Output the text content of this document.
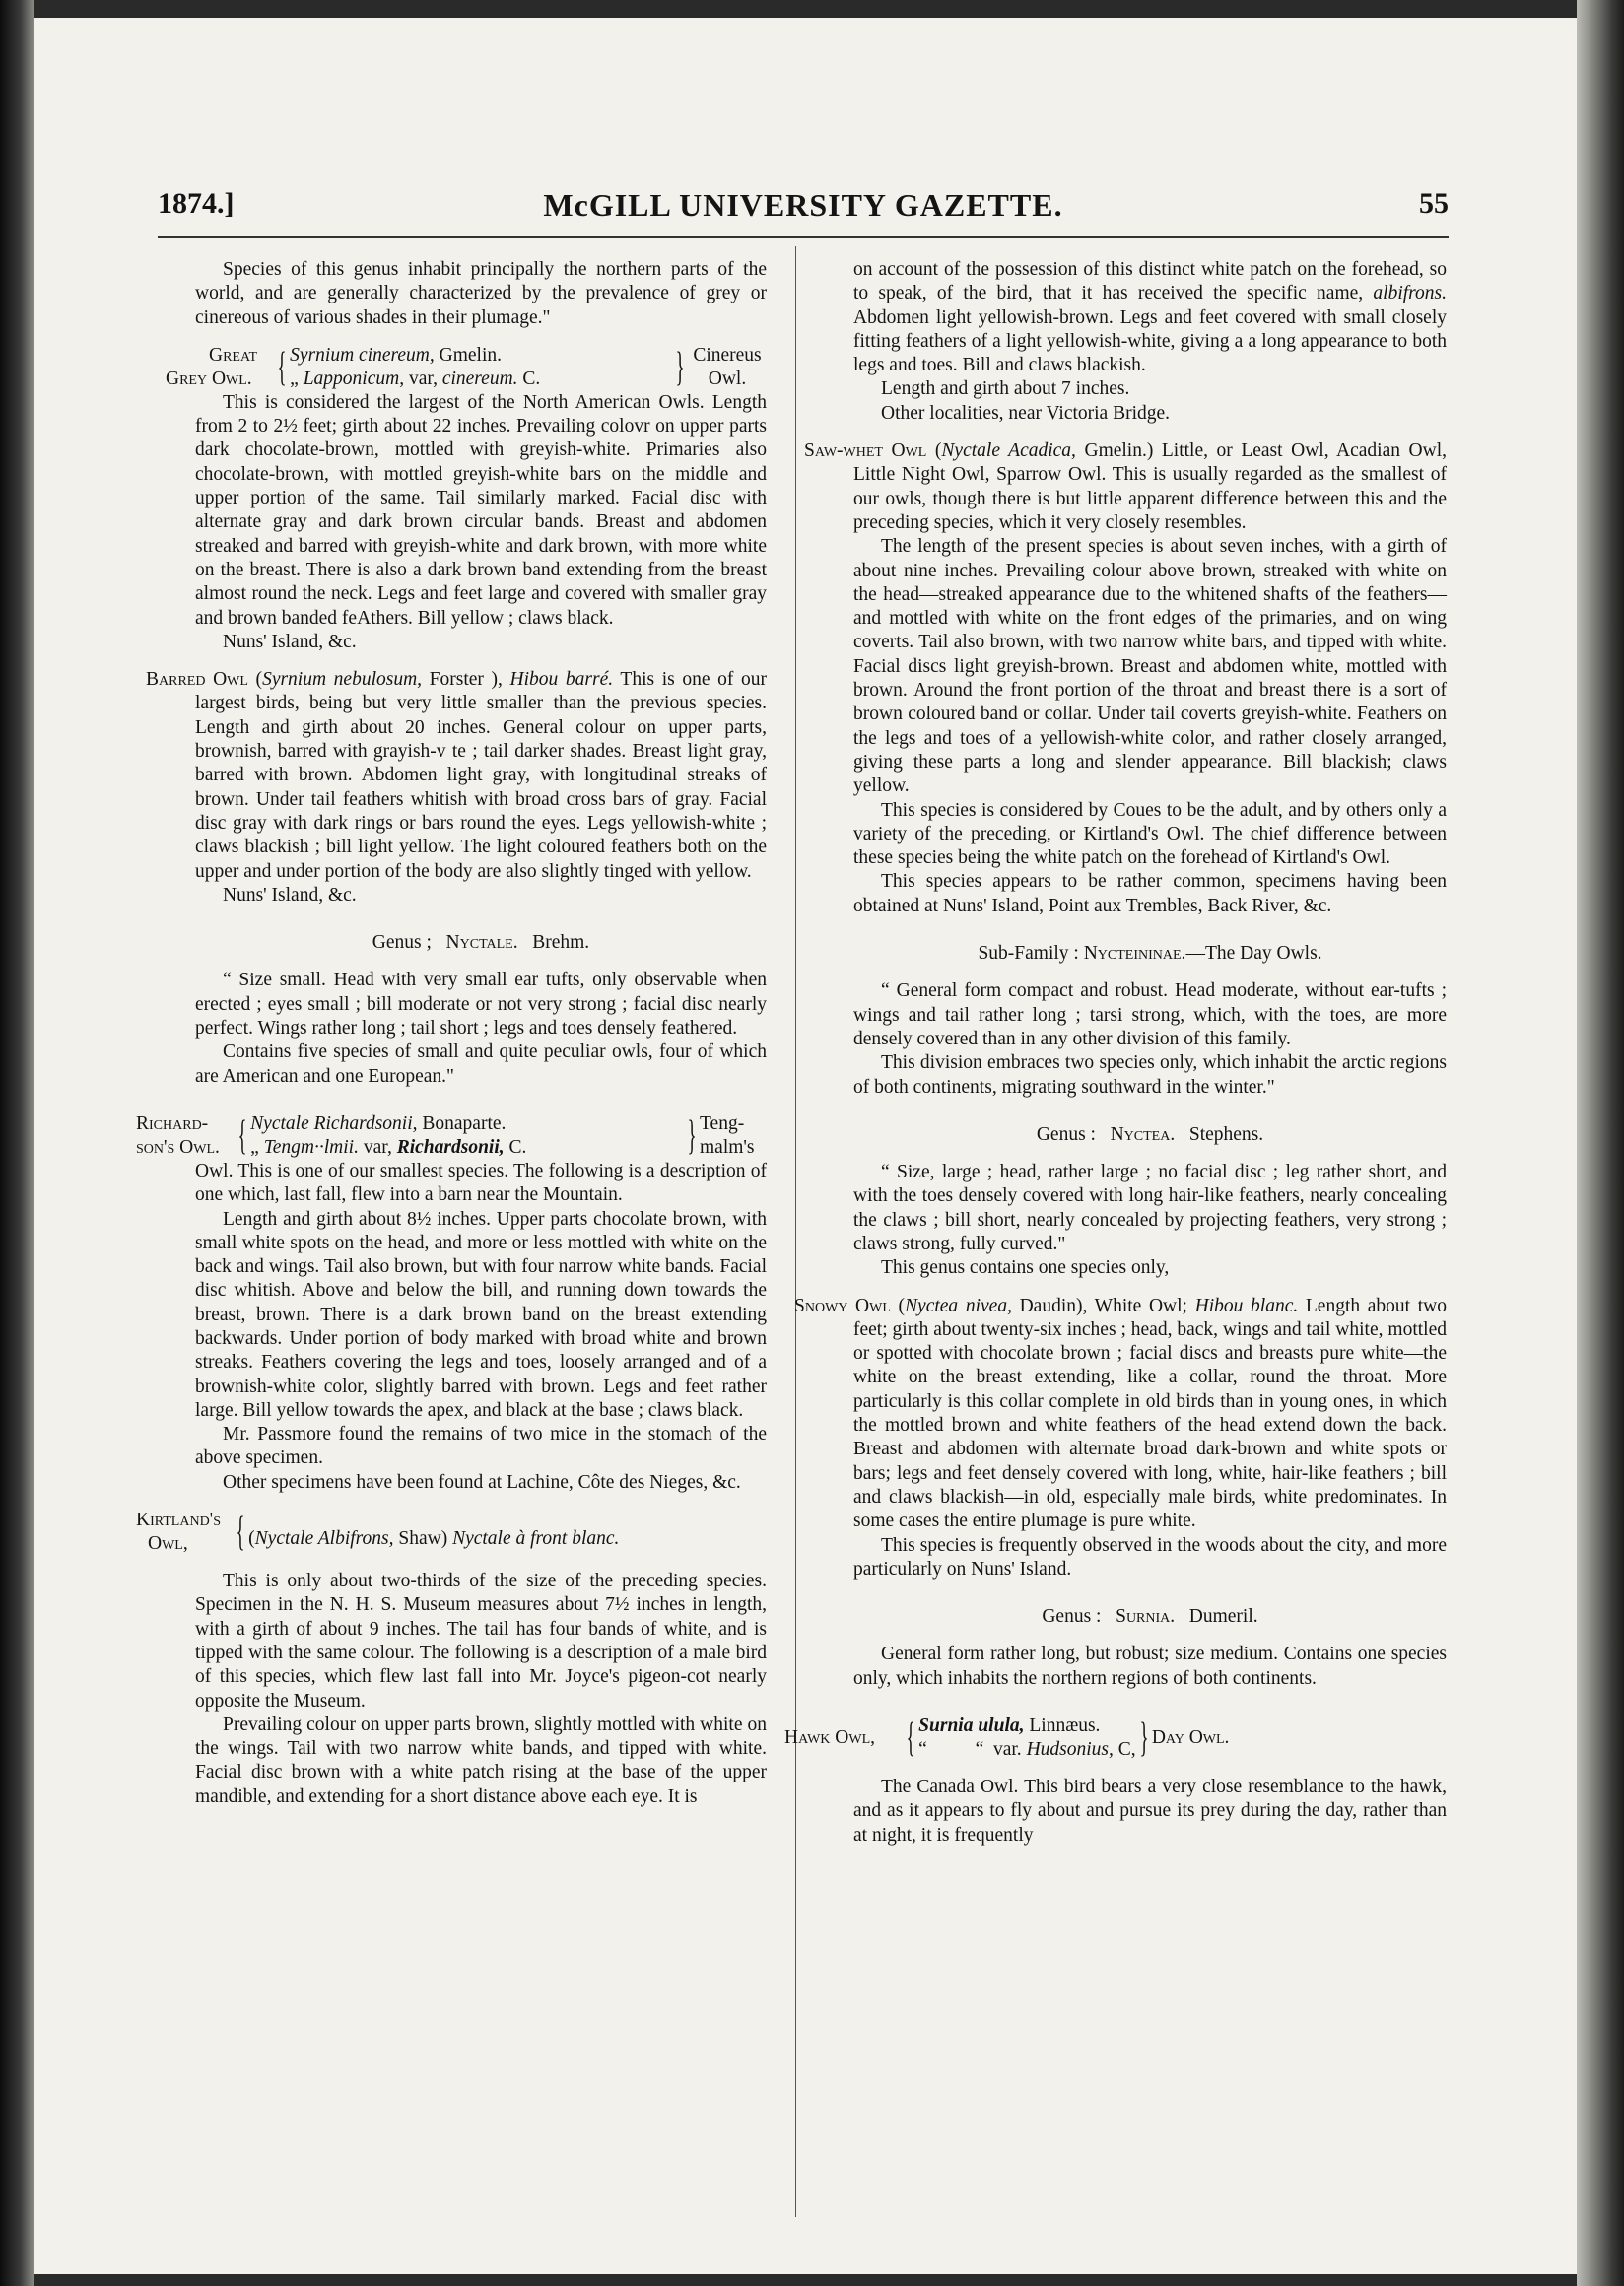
1874.]	McGILL UNIVERSITY GAZETTE.	55

Species of this genus inhabit principally the northern parts of the world, and are generally characterized by the prevalence of grey or cinereous of various shades in their plumage."

Great
Grey Owl. { Syrnium cinereum, Gmelin.
„ Lapponicum, var, cinereum. C.	} Cinereus
Owl.

This is considered the largest of the North American Owls. Length from 2 to 2½ feet; girth about 22 inches. Prevailing colovr on upper parts dark chocolate-brown, mottled with greyish-white. Primaries also chocolate-brown, with mottled greyish-white bars on the middle and upper portion of the same. Tail similarly marked. Facial disc with alternate gray and dark brown circular bands. Breast and abdomen streaked and barred with greyish-white and dark brown, with more white on the breast. There is also a dark brown band extending from the breast almost round the neck. Legs and feet large and covered with smaller gray and brown banded feAthers. Bill yellow ; claws black.

Nuns' Island, &c.

Barred Owl (Syrnium nebulosum, Forster ), Hibou barré. This is one of our largest birds, being but very little smaller than the previous species. Length and girth about 20 inches. General colour on upper parts, brownish, barred with grayish-v te ; tail darker shades. Breast light gray, barred with brown. Abdomen light gray, with longitudinal streaks of brown. Under tail feathers whitish with broad cross bars of gray. Facial disc gray with dark rings or bars round the eyes. Legs yellowish-white ; claws blackish ; bill light yellow. The light coloured feathers both on the upper and under portion of the body are also slightly tinged with yellow.

Nuns' Island, &c.

Genus ; Nyctale. Brehm.

“ Size small. Head with very small ear tufts, only observable when erected ; eyes small ; bill moderate or not very strong ; facial disc nearly perfect. Wings rather long ; tail short ; legs and toes densely feathered.

Contains five species of small and quite peculiar owls, four of which are American and one European."

Richard-
son's Owl. { Nyctale Richardsonii, Bonaparte.
„ Tengm··lmii. var, Richardsonii, C.	} Teng-
malm's

Owl. This is one of our smallest species. The following is a description of one which, last fall, flew into a barn near the Mountain.

Length and girth about 8½ inches. Upper parts chocolate brown, with small white spots on the head, and more or less mottled with white on the back and wings. Tail also brown, but with four narrow white bands. Facial disc whitish. Above and below the bill, and running down towards the breast, brown. There is a dark brown band on the breast extending backwards. Under portion of body marked with broad white and brown streaks. Feathers covering the legs and toes, loosely arranged and of a brownish-white color, slightly barred with brown. Legs and feet rather large. Bill yellow towards the apex, and black at the base ; claws black.

Mr. Passmore found the remains of two mice in the stomach of the above specimen.

Other specimens have been found at Lachine, Côte des Nieges, &c.

Kirtland's
Owl,	{ (Nyctale Albifrons, Shaw) Nyctale à front blanc.

This is only about two-thirds of the size of the preceding species. Specimen in the N. H. S. Museum measures about 7½ inches in length, with a girth of about 9 inches. The tail has four bands of white, and is tipped with the same colour. The following is a description of a male bird of this species, which flew last fall into Mr. Joyce's pigeon-cot nearly opposite the Museum.

Prevailing colour on upper parts brown, slightly mottled with white on the wings. Tail with two narrow white bands, and tipped with white. Facial disc brown with a white patch rising at the base of the upper mandible, and extending for a short distance above each eye. It is

on account of the possession of this distinct white patch on the forehead, so to speak, of the bird, that it has received the specific name, albifrons. Abdomen light yellowish-brown. Legs and feet covered with small closely fitting feathers of a light yellowish-white, giving a a long appearance to both legs and toes. Bill and claws blackish.

Length and girth about 7 inches.

Other localities, near Victoria Bridge.

Saw-whet Owl (Nyctale Acadica, Gmelin.) Little, or Least Owl, Acadian Owl, Little Night Owl, Sparrow Owl. This is usually regarded as the smallest of our owls, though there is but little apparent difference between this and the preceding species, which it very closely resembles.

The length of the present species is about seven inches, with a girth of about nine inches. Prevailing colour above brown, streaked with white on the head—streaked appearance due to the whitened shafts of the feathers—and mottled with white on the front edges of the primaries, and on wing coverts. Tail also brown, with two narrow white bars, and tipped with white. Facial discs light greyish-brown. Breast and abdomen white, mottled with brown. Around the front portion of the throat and breast there is a sort of brown coloured band or collar. Under tail coverts greyish-white. Feathers on the legs and toes of a yellowish-white color, and rather closely arranged, giving these parts a long and slender appearance. Bill blackish; claws yellow.

This species is considered by Coues to be the adult, and by others only a variety of the preceding, or Kirtland's Owl. The chief difference between these species being the white patch on the forehead of Kirtland's Owl.

This species appears to be rather common, specimens having been obtained at Nuns' Island, Point aux Trembles, Back River, &c.

Sub-Family : Nycteininae.—The Day Owls.

“ General form compact and robust. Head moderate, without ear-tufts ; wings and tail rather long ; tarsi strong, which, with the toes, are more densely covered than in any other division of this family.

This division embraces two species only, which inhabit the arctic regions of both continents, migrating southward in the winter."

Genus : Nyctea. Stephens.

“ Size, large ; head, rather large ; no facial disc ; leg rather short, and with the toes densely covered with long hair-like feathers, nearly concealing the claws ; bill short, nearly concealed by projecting feathers, very strong ; claws strong, fully curved."

This genus contains one species only,

Snowy Owl (Nyctea nivea, Daudin), White Owl; Hibou blanc. Length about two feet; girth about twenty-six inches ; head, back, wings and tail white, mottled or spotted with chocolate brown ; facial discs and breasts pure white—the white on the breast extending, like a collar, round the throat. More particularly is this collar complete in old birds than in young ones, in which the mottled brown and white feathers of the head extend down the back. Breast and abdomen with alternate broad dark-brown and white spots or bars; legs and feet densely covered with long, white, hair-like feathers ; bill and claws blackish—in old, especially male birds, white predominates. In some cases the entire plumage is pure white.

This species is frequently observed in the woods about the city, and more particularly on Nuns' Island.

Genus : Surnia. Dumeril.

General form rather long, but robust; size medium. Contains one species only, which inhabits the northern regions of both continents.

Hawk Owl, { Surnia ulula, Linnæus.
“          “  var. Hudsonius, C, } Day Owl.

The Canada Owl. This bird bears a very close resemblance to the hawk, and as it appears to fly about and pursue its prey during the day, rather than at night, it is frequently
